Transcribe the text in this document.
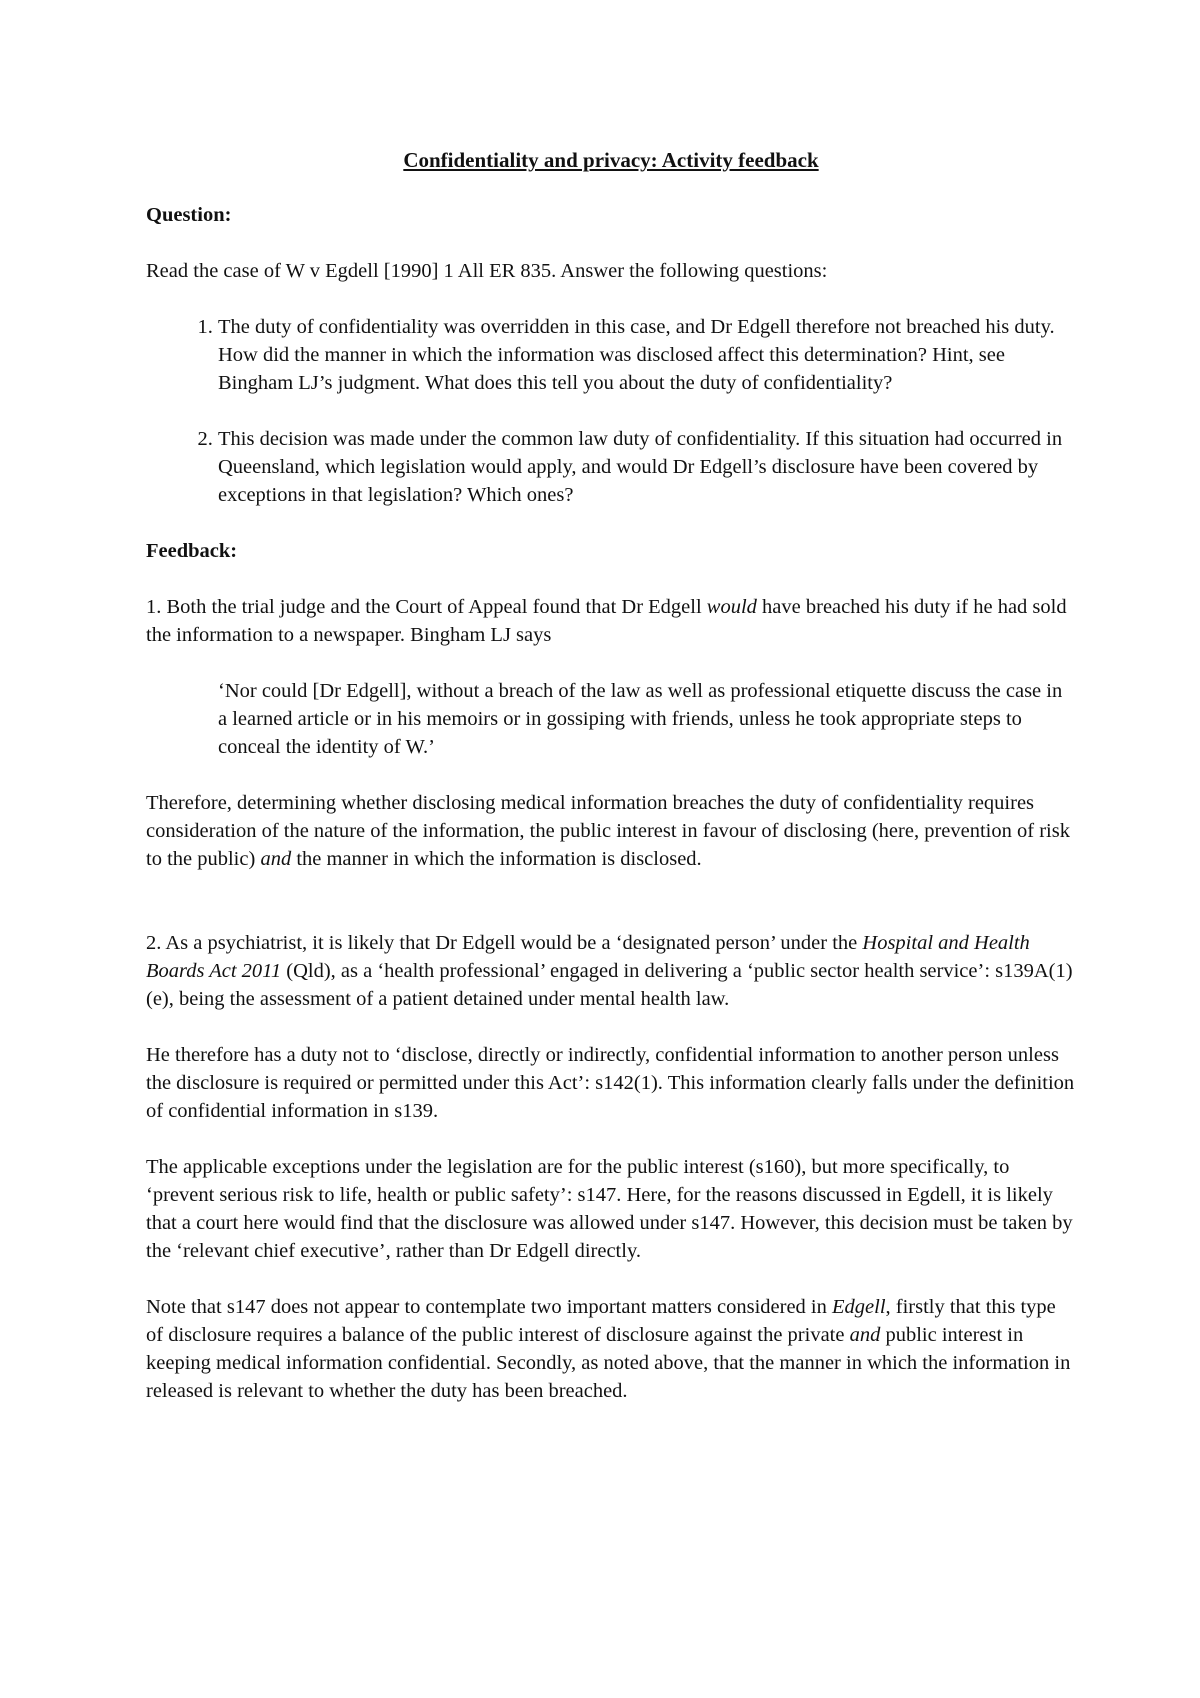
Confidentiality and privacy: Activity feedback
Question:

Read the case of W v Egdell [1990] 1 All ER 835. Answer the following questions:

1. The duty of confidentiality was overridden in this case, and Dr Edgell therefore not breached his duty. How did the manner in which the information was disclosed affect this determination? Hint, see Bingham LJ’s judgment. What does this tell you about the duty of confidentiality?
2. This decision was made under the common law duty of confidentiality. If this situation had occurred in Queensland, which legislation would apply, and would Dr Edgell’s disclosure have been covered by exceptions in that legislation? Which ones?
Feedback:

1. Both the trial judge and the Court of Appeal found that Dr Edgell would have breached his duty if he had sold the information to a newspaper. Bingham LJ says

‘Nor could [Dr Edgell], without a breach of the law as well as professional etiquette discuss the case in a learned article or in his memoirs or in gossiping with friends, unless he took appropriate steps to conceal the identity of W.’

Therefore, determining whether disclosing medical information breaches the duty of confidentiality requires consideration of the nature of the information, the public interest in favour of disclosing (here, prevention of risk to the public) and the manner in which the information is disclosed.

2. As a psychiatrist, it is likely that Dr Edgell would be a ‘designated person’ under the Hospital and Health Boards Act 2011 (Qld), as a ‘health professional’ engaged in delivering a ‘public sector health service’: s139A(1)(e), being the assessment of a patient detained under mental health law.

He therefore has a duty not to ‘disclose, directly or indirectly, confidential information to another person unless the disclosure is required or permitted under this Act’: s142(1). This information clearly falls under the definition of confidential information in s139.

The applicable exceptions under the legislation are for the public interest (s160), but more specifically, to ‘prevent serious risk to life, health or public safety’: s147. Here, for the reasons discussed in Egdell, it is likely that a court here would find that the disclosure was allowed under s147. However, this decision must be taken by the ‘relevant chief executive’, rather than Dr Edgell directly.

Note that s147 does not appear to contemplate two important matters considered in Edgell, firstly that this type of disclosure requires a balance of the public interest of disclosure against the private and public interest in keeping medical information confidential. Secondly, as noted above, that the manner in which the information in released is relevant to whether the duty has been breached.
